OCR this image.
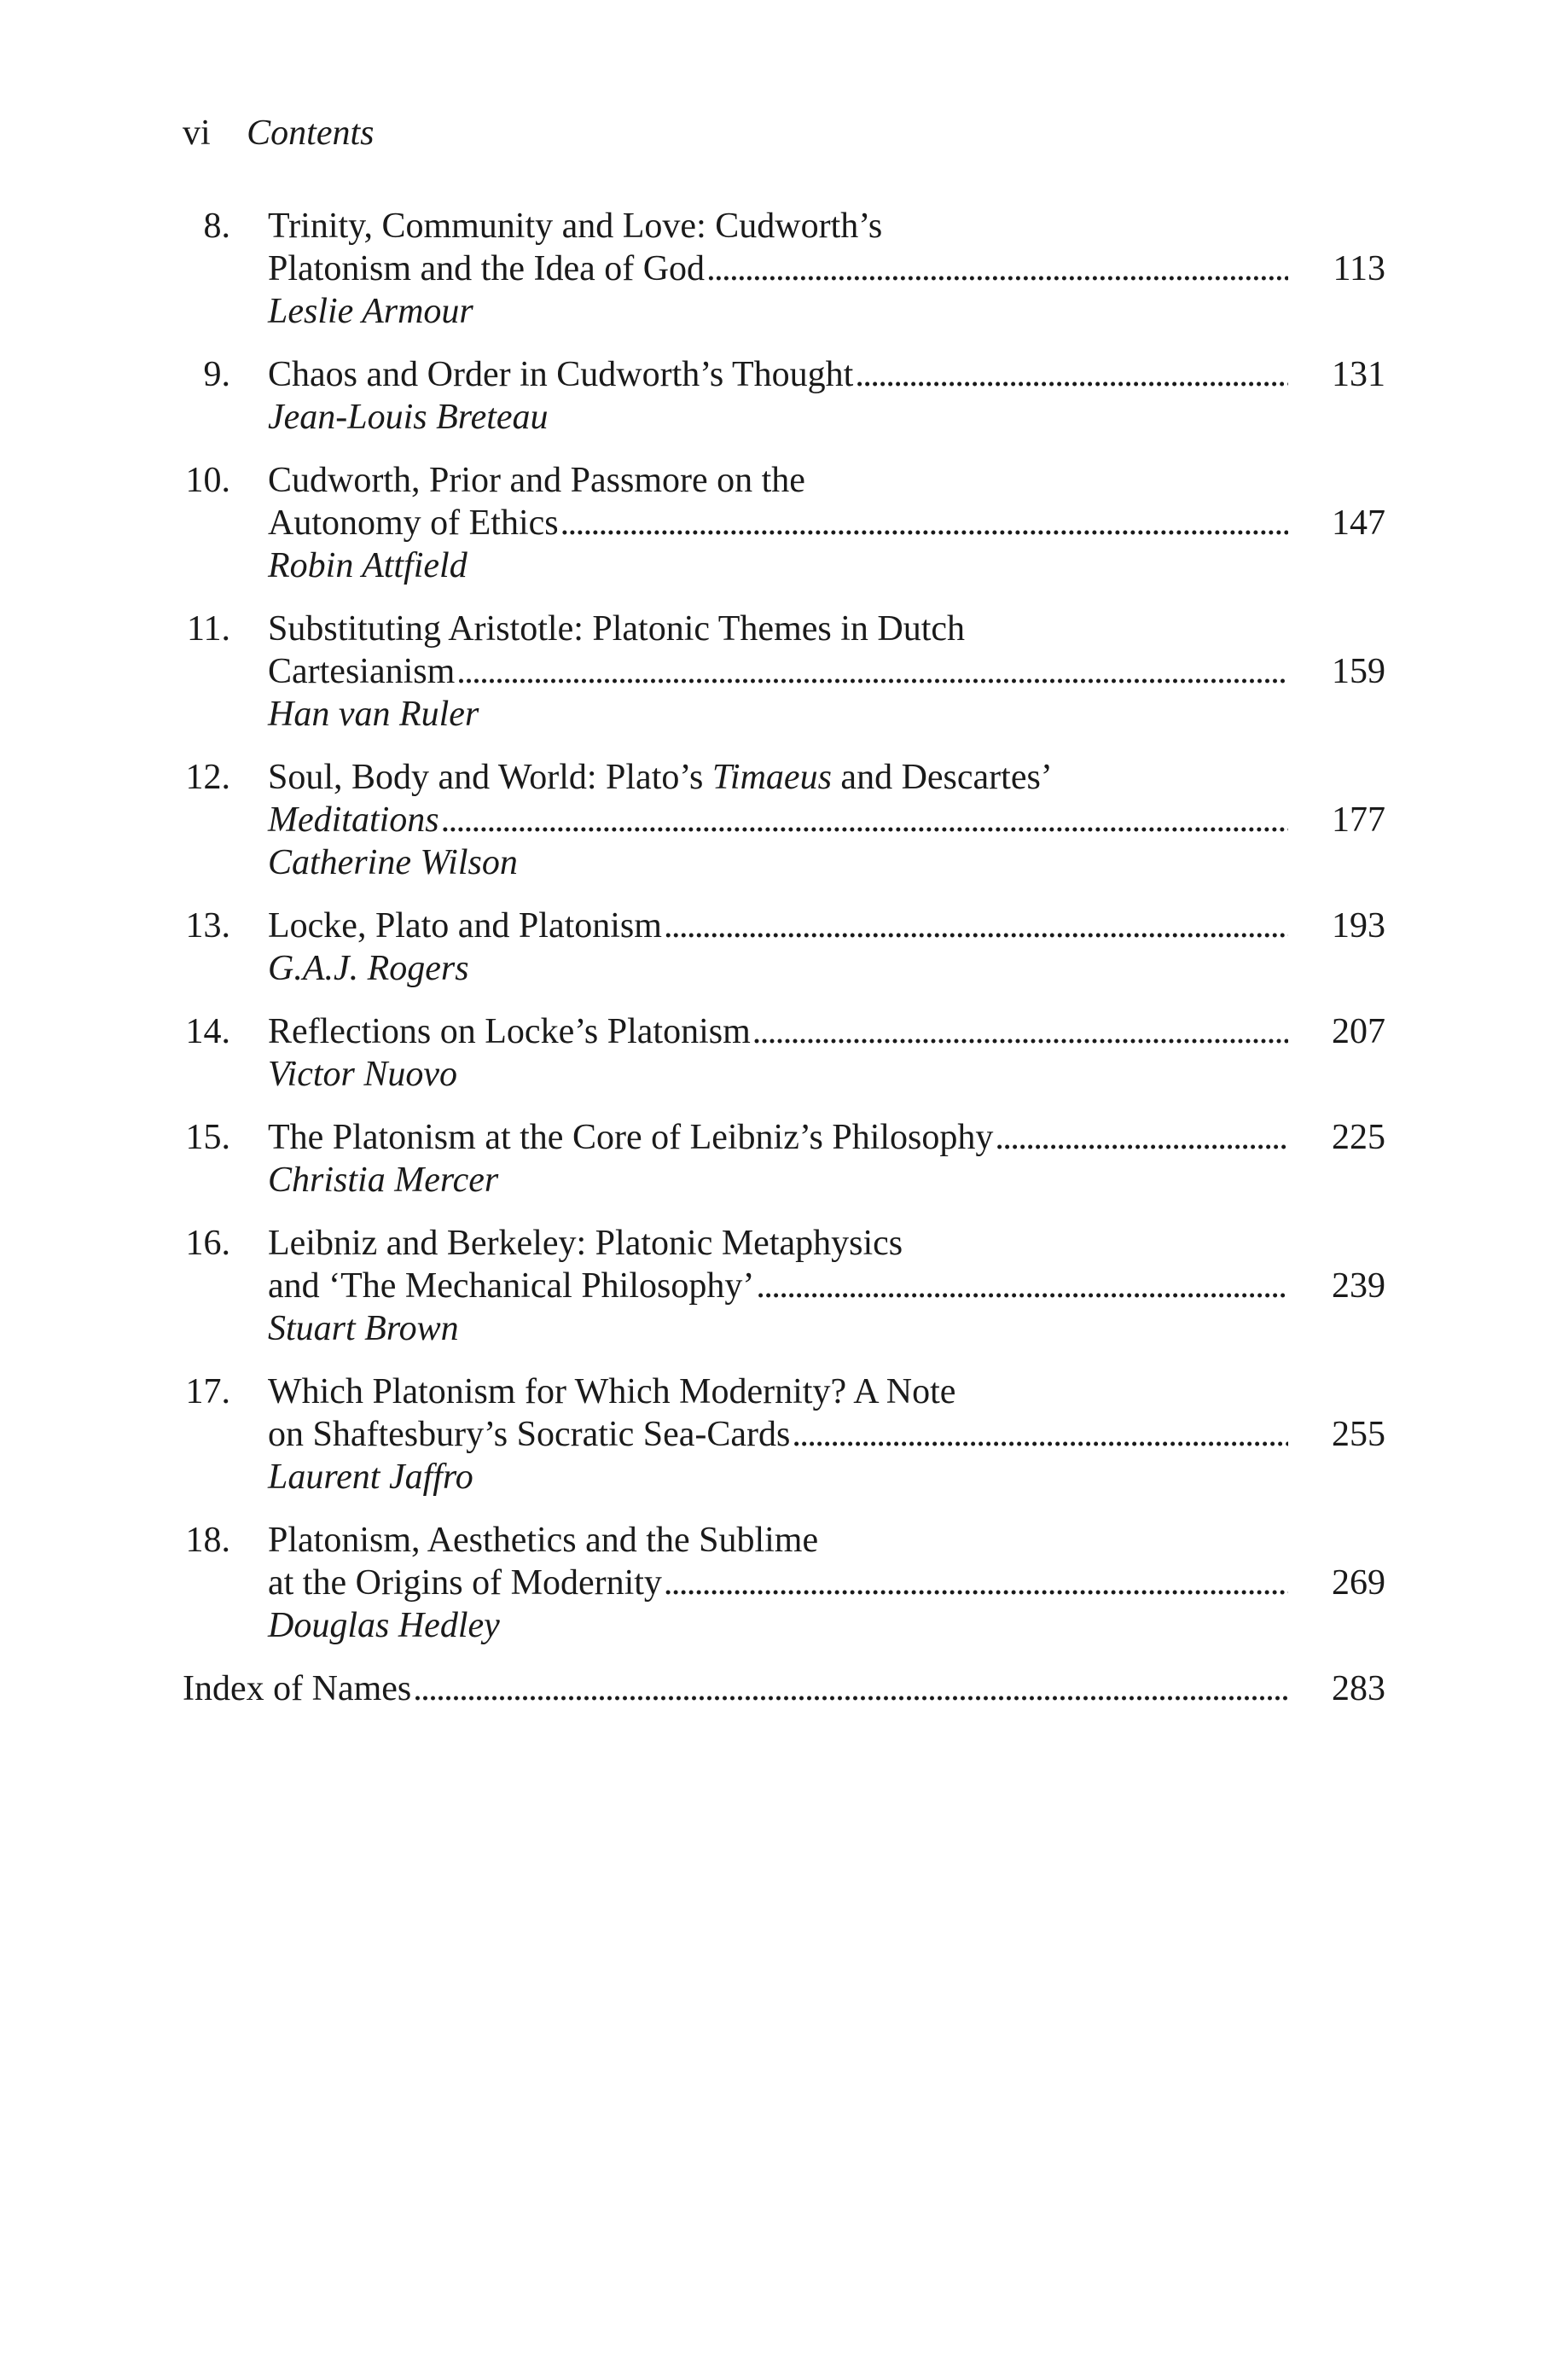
vi Contents
8. Trinity, Community and Love: Cudworth’s
Platonism and the Idea of God . . .	113
Leslie Armour
9. Chaos and Order in Cudworth’s Thought . . .	131
Jean-Louis Breteau
10. Cudworth, Prior and Passmore on the
Autonomy of Ethics . . .	147
Robin Attfield
11. Substituting Aristotle: Platonic Themes in Dutch
Cartesianism . . .	159
Han van Ruler
12. Soul, Body and World: Plato’s Timaeus and Descartes’
Meditations . . .	177
Catherine Wilson
13. Locke, Plato and Platonism . . .	193
G.A.J. Rogers
14. Reflections on Locke’s Platonism . . .	207
Victor Nuovo
15. The Platonism at the Core of Leibniz’s Philosophy . . .	225
Christia Mercer
16. Leibniz and Berkeley: Platonic Metaphysics
and ‘The Mechanical Philosophy’ . . .	239
Stuart Brown
17. Which Platonism for Which Modernity? A Note
on Shaftesbury’s Socratic Sea-Cards . . .	255
Laurent Jaffro
18. Platonism, Aesthetics and the Sublime
at the Origins of Modernity . . .	269
Douglas Hedley
Index of Names . . .	283
